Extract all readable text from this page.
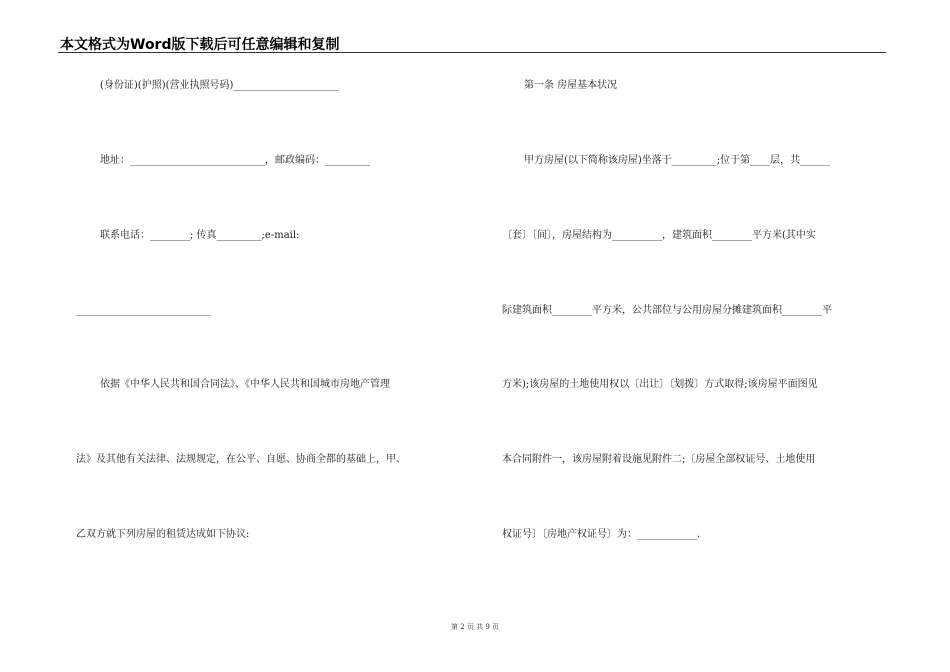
本文格式为Word版下载后可任意编辑和复制
(身份证)(护照)(营业执照号码)_____________________
地址：___________________________，邮政编码：_________
联系电话：________; 传真_________;e-mail:
___________________________
依据《中华人民共和国合同法》、《中华人民共和国城市房地产管理
法》及其他有关法律、法规规定，在公平、自愿、协商全都的基础上，甲、
乙双方就下列房屋的租赁达成如下协议:
第一条 房屋基本状况
甲方房屋(以下简称该房屋)坐落于_________;位于第____层，共______
〔套〕〔间〕，房屋结构为__________，建筑面积________平方米(其中实
际建筑面积________平方米，公共部位与公用房屋分摊建筑面积________平
方米);该房屋的土地使用权以〔出让〕〔划拨〕方式取得;该房屋平面图见
本合同附件一，该房屋附着设施见附件二;〔房屋全部权证号、土地使用
权证号〕〔房地产权证号〕为：____________.
第 2 页 共 9 页
